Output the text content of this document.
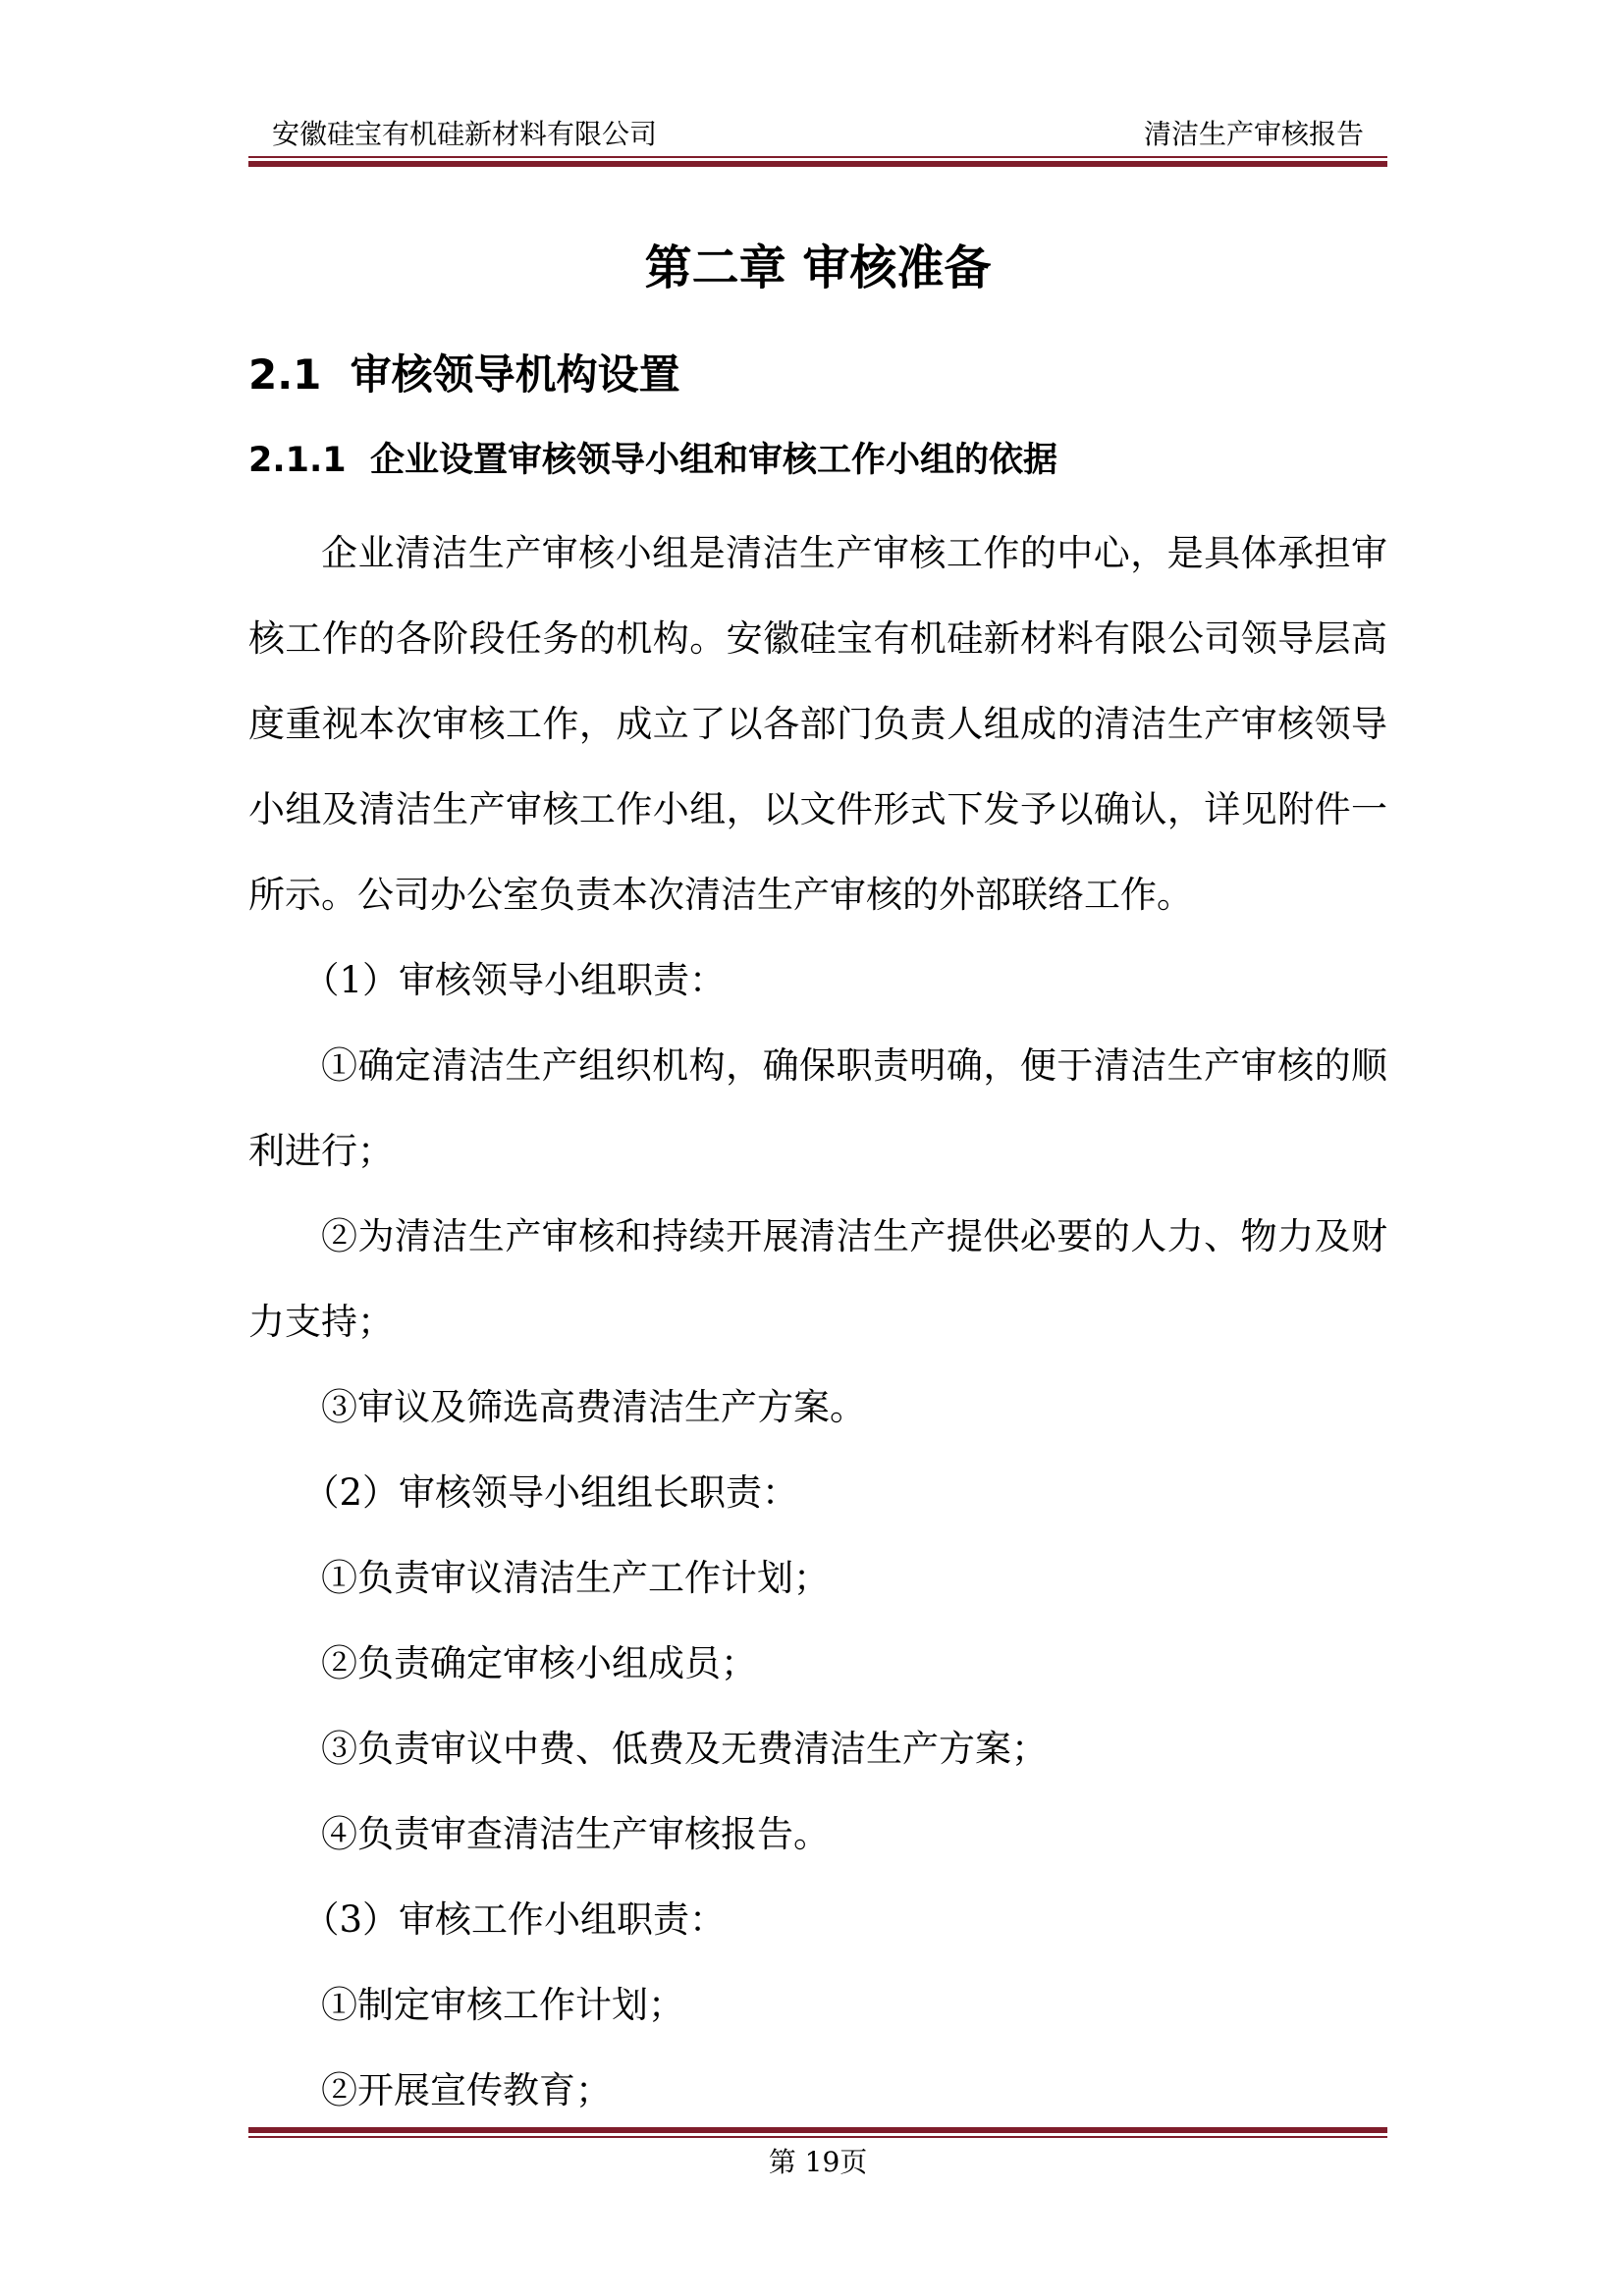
安徽硅宝有机硅新材料有限公司	清洁生产审核报告
第二章 审核准备
2.1 审核领导机构设置
2.1.1 企业设置审核领导小组和审核工作小组的依据

企业清洁生产审核小组是清洁生产审核工作的中心，是具体承担审核工作的各阶段任务的机构。安徽硅宝有机硅新材料有限公司领导层高度重视本次审核工作，成立了以各部门负责人组成的清洁生产审核领导小组及清洁生产审核工作小组，以文件形式下发予以确认，详见附件一所示。公司办公室负责本次清洁生产审核的外部联络工作。

（1）审核领导小组职责：

①确定清洁生产组织机构，确保职责明确，便于清洁生产审核的顺利进行；

②为清洁生产审核和持续开展清洁生产提供必要的人力、物力及财力支持；

③审议及筛选高费清洁生产方案。

（2）审核领导小组组长职责：

①负责审议清洁生产工作计划；

②负责确定审核小组成员；

③负责审议中费、低费及无费清洁生产方案；

④负责审查清洁生产审核报告。

（3）审核工作小组职责：

①制定审核工作计划；

②开展宣传教育；

第 19页
